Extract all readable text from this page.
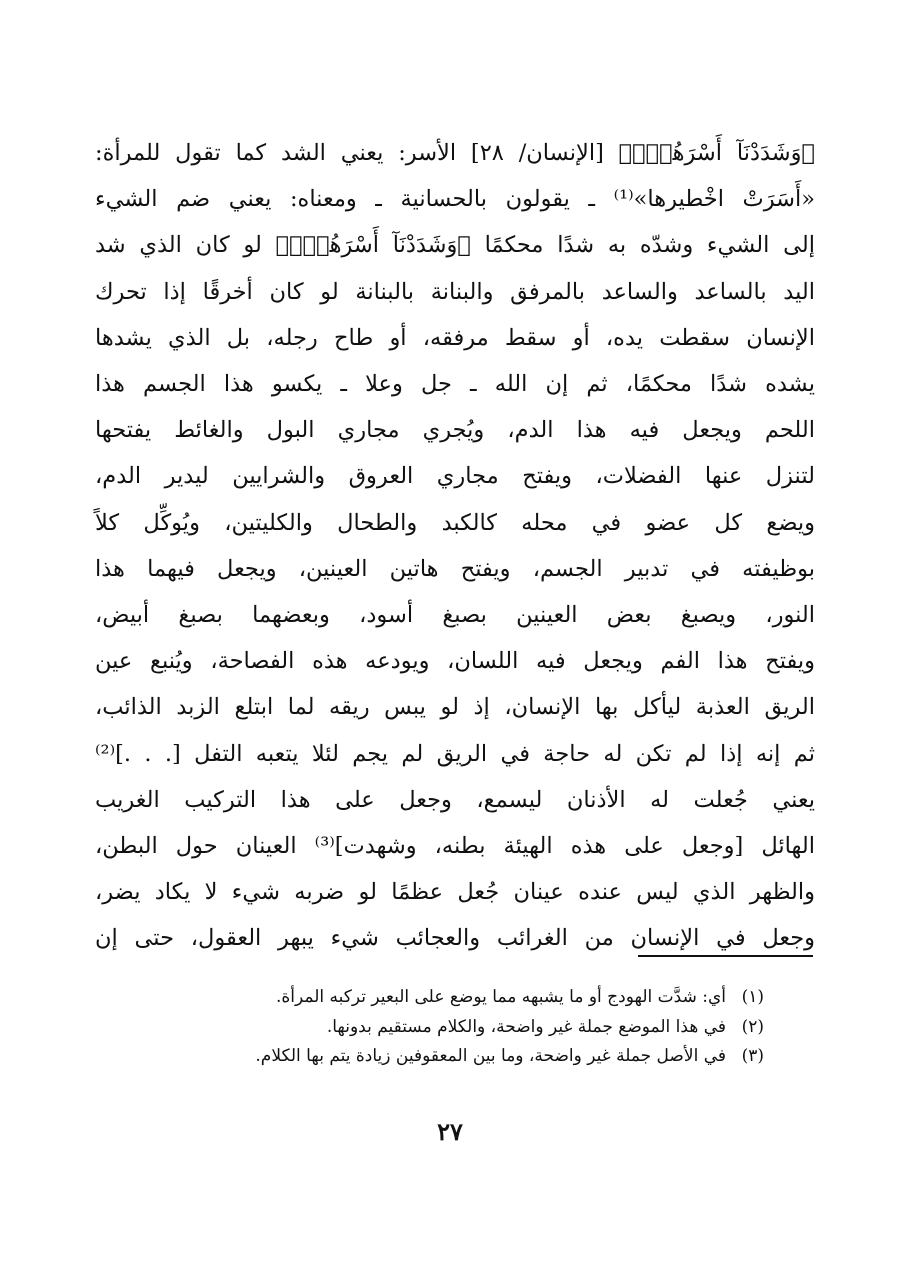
﴿وَشَدَدْنَآ أَسْرَهُمْۖ﴾ [الإنسان/ ٢٨] الأسر: يعني الشد كما تقول للمرأة:
«أَسَرَتْ اخْطيرها»⁽¹⁾ ـ يقولون بالحسانية ـ ومعناه: يعني ضم الشيء
إلى الشيء وشدّه به شدًا محكمًا ﴿وَشَدَدْنَآ أَسْرَهُمْۖ﴾ لو كان الذي شد
اليد بالساعد والساعد بالمرفق والبنانة بالبنانة لو كان أخرقًا إذا تحرك
الإنسان سقطت يده، أو سقط مرفقه، أو طاح رجله، بل الذي يشدها
يشده شدًا محكمًا، ثم إن الله ـ جل وعلا ـ يكسو هذا الجسم هذا
اللحم ويجعل فيه هذا الدم، ويُجري مجاري البول والغائط يفتحها
لتنزل عنها الفضلات، ويفتح مجاري العروق والشرايين ليدير الدم،
ويضع كل عضو في محله كالكبد والطحال والكليتين، ويُوكِّل كلاً
بوظيفته في تدبير الجسم، ويفتح هاتين العينين، ويجعل فيهما هذا
النور، ويصبغ بعض العينين بصبغ أسود، وبعضهما بصبغ أبيض،
ويفتح هذا الفم ويجعل فيه اللسان، ويودعه هذه الفصاحة، ويُنبع عين
الريق العذبة ليأكل بها الإنسان، إذ لو يبس ريقه لما ابتلع الزبد الذائب،
ثم إنه إذا لم تكن له حاجة في الريق لم يجم لئلا يتعبه التفل [. . .]⁽²⁾
يعني جُعلت له الأذنان ليسمع، وجعل على هذا التركيب الغريب
الهائل [وجعل على هذه الهيئة بطنه، وشهدت]⁽³⁾ العينان حول البطن،
والظهر الذي ليس عنده عينان جُعل عظمًا لو ضربه شيء لا يكاد يضر،
وجعل في الإنسان من الغرائب والعجائب شيء يبهر العقول، حتى إن
(١)أي: شدَّت الهودج أو ما يشبهه مما يوضع على البعير تركبه المرأة.
(٢)في هذا الموضع جملة غير واضحة، والكلام مستقيم بدونها.
(٣)في الأصل جملة غير واضحة، وما بين المعقوفين زيادة يتم بها الكلام.
٢٧
